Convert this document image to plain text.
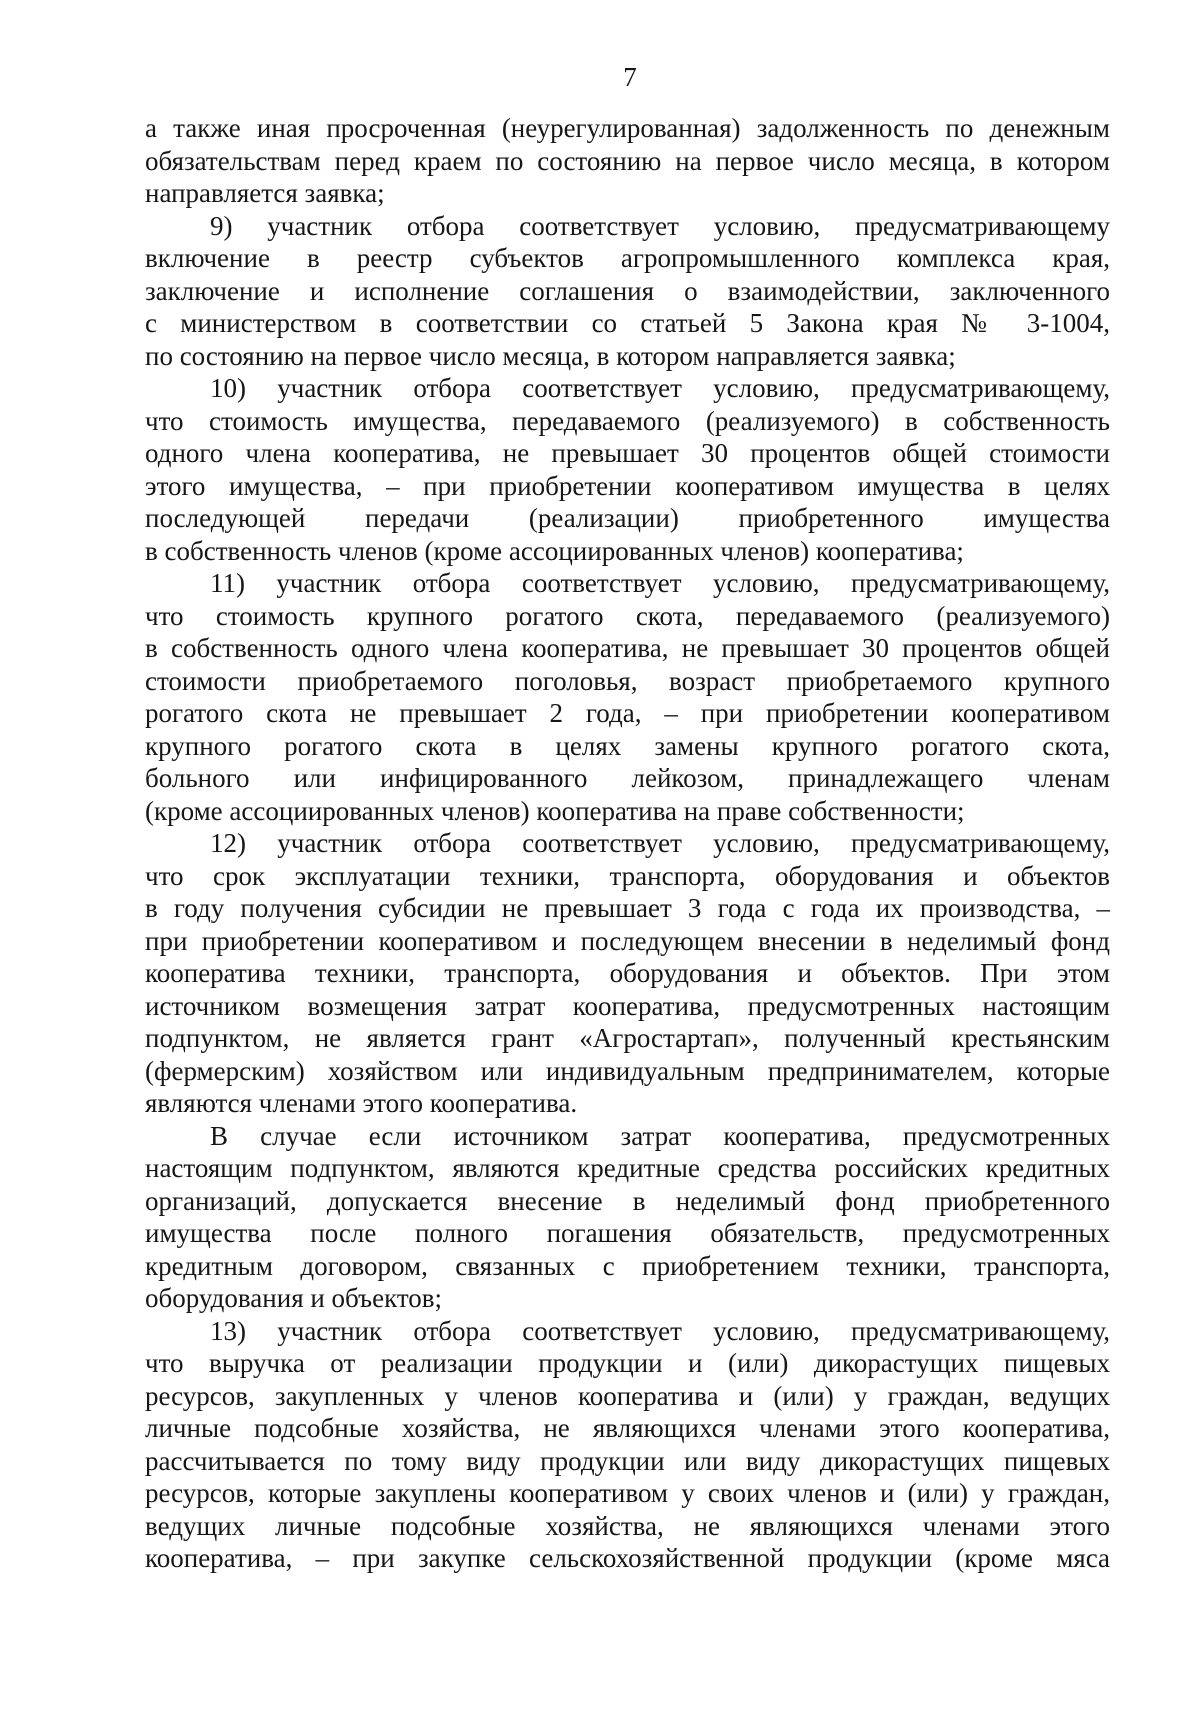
7
а также иная просроченная (неурегулированная) задолженность по денежным
обязательствам перед краем по состоянию на первое число месяца, в котором
направляется заявка;
9) участник отбора соответствует условию, предусматривающему
включение в реестр субъектов агропромышленного комплекса края,
заключение и исполнение соглашения о взаимодействии, заключенного
с министерством в соответствии со статьей 5 Закона края № 3-1004,
по состоянию на первое число месяца, в котором направляется заявка;
10) участник отбора соответствует условию, предусматривающему,
что стоимость имущества, передаваемого (реализуемого) в собственность
одного члена кооператива, не превышает 30 процентов общей стоимости
этого имущества, – при приобретении кооперативом имущества в целях
последующей передачи (реализации) приобретенного имущества
в собственность членов (кроме ассоциированных членов) кооператива;
11) участник отбора соответствует условию, предусматривающему,
что стоимость крупного рогатого скота, передаваемого (реализуемого)
в собственность одного члена кооператива, не превышает 30 процентов общей
стоимости приобретаемого поголовья, возраст приобретаемого крупного
рогатого скота не превышает 2 года, – при приобретении кооперативом
крупного рогатого скота в целях замены крупного рогатого скота,
больного или инфицированного лейкозом, принадлежащего членам
(кроме ассоциированных членов) кооператива на праве собственности;
12) участник отбора соответствует условию, предусматривающему,
что срок эксплуатации техники, транспорта, оборудования и объектов
в году получения субсидии не превышает 3 года с года их производства, –
при приобретении кооперативом и последующем внесении в неделимый фонд
кооператива техники, транспорта, оборудования и объектов. При этом
источником возмещения затрат кооператива, предусмотренных настоящим
подпунктом, не является грант «Агростартап», полученный крестьянским
(фермерским) хозяйством или индивидуальным предпринимателем, которые
являются членами этого кооператива.
В случае если источником затрат кооператива, предусмотренных
настоящим подпунктом, являются кредитные средства российских кредитных
организаций, допускается внесение в неделимый фонд приобретенного
имущества после полного погашения обязательств, предусмотренных
кредитным договором, связанных с приобретением техники, транспорта,
оборудования и объектов;
13) участник отбора соответствует условию, предусматривающему,
что выручка от реализации продукции и (или) дикорастущих пищевых
ресурсов, закупленных у членов кооператива и (или) у граждан, ведущих
личные подсобные хозяйства, не являющихся членами этого кооператива,
рассчитывается по тому виду продукции или виду дикорастущих пищевых
ресурсов, которые закуплены кооперативом у своих членов и (или) у граждан,
ведущих личные подсобные хозяйства, не являющихся членами этого
кооператива, – при закупке сельскохозяйственной продукции (кроме мяса
